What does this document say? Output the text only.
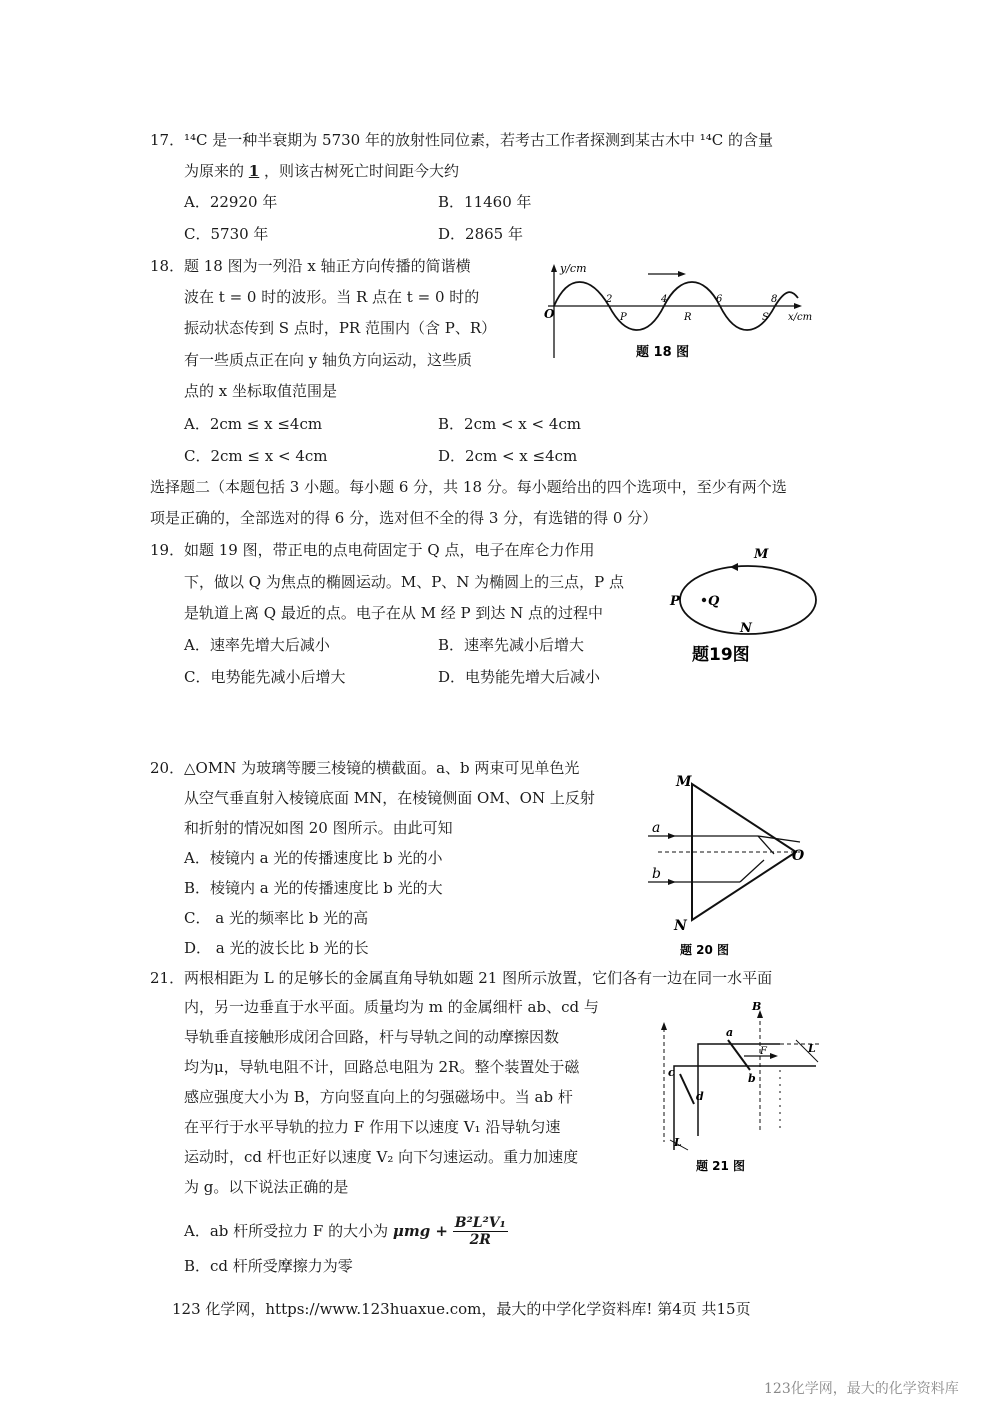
17． ¹⁴C 是一种半衰期为 5730 年的放射性同位素，若考古工作者探测到某古木中 ¹⁴C 的含量
为原来的 1 ，则该古树死亡时间距今大约
A．22920 年	B．11460 年
C．5730 年	D．2865 年
18． 题 18 图为一列沿 x 轴正方向传播的简谐横
波在 t = 0 时的波形。当 R 点在 t = 0 时的
振动状态传到 S 点时，PR 范围内（含 P、R）
有一些质点正在向 y 轴负方向运动，这些质
点的 x 坐标取值范围是
A．2cm ≤ x ≤4cm	B．2cm < x < 4cm
C．2cm ≤ x < 4cm	D．2cm < x ≤4cm
y/cm
x/cm
O
2	4	6	8
P	R	S
题 18 图
选择题二（本题包括 3 小题。每小题 6 分，共 18 分。每小题给出的四个选项中，至少有两个选
项是正确的，全部选对的得 6 分，选对但不全的得 3 分，有选错的得 0 分）
19． 如题 19 图，带正电的点电荷固定于 Q 点，电子在库仑力作用
下，做以 Q 为焦点的椭圆运动。M、P、N 为椭圆上的三点，P 点
是轨道上离 Q 最近的点。电子在从 M 经 P 到达 N 点的过程中
A．速率先增大后减小	B．速率先减小后增大
C．电势能先减小后增大	D．电势能先增大后减小
M
P Q
N
题19图
20． △OMN 为玻璃等腰三棱镜的横截面。a、b 两束可见单色光
从空气垂直射入棱镜底面 MN，在棱镜侧面 OM、ON 上反射
和折射的情况如图 20 图所示。由此可知
A．棱镜内 a 光的传播速度比 b 光的小
B．棱镜内 a 光的传播速度比 b 光的大
C． a 光的频率比 b 光的高
D． a 光的波长比 b 光的长
M
N
O
a
b
题 20 图
21． 两根相距为 L 的足够长的金属直角导轨如题 21 图所示放置，它们各有一边在同一水平面
内，另一边垂直于水平面。质量均为 m 的金属细杆 ab、cd 与
导轨垂直接触形成闭合回路，杆与导轨之间的动摩擦因数
均为μ，导轨电阻不计，回路总电阻为 2R。整个装置处于磁
感应强度大小为 B，方向竖直向上的匀强磁场中。当 ab 杆
在平行于水平导轨的拉力 F 作用下以速度 V₁ 沿导轨匀速
运动时，cd 杆也正好以速度 V₂ 向下匀速运动。重力加速度
为 g。以下说法正确的是
A．ab 杆所受拉力 F 的大小为 $\mu mg + \frac{\text{B²L²V₁}}{2R}$
B．cd 杆所受摩擦力为零
a
b
c
d
B
F	L
L
题 21 图
123 化学网，https://www.123huaxue.com，最大的中学化学资料库! 第4页 共15页
123化学网，最大的化学资料库
